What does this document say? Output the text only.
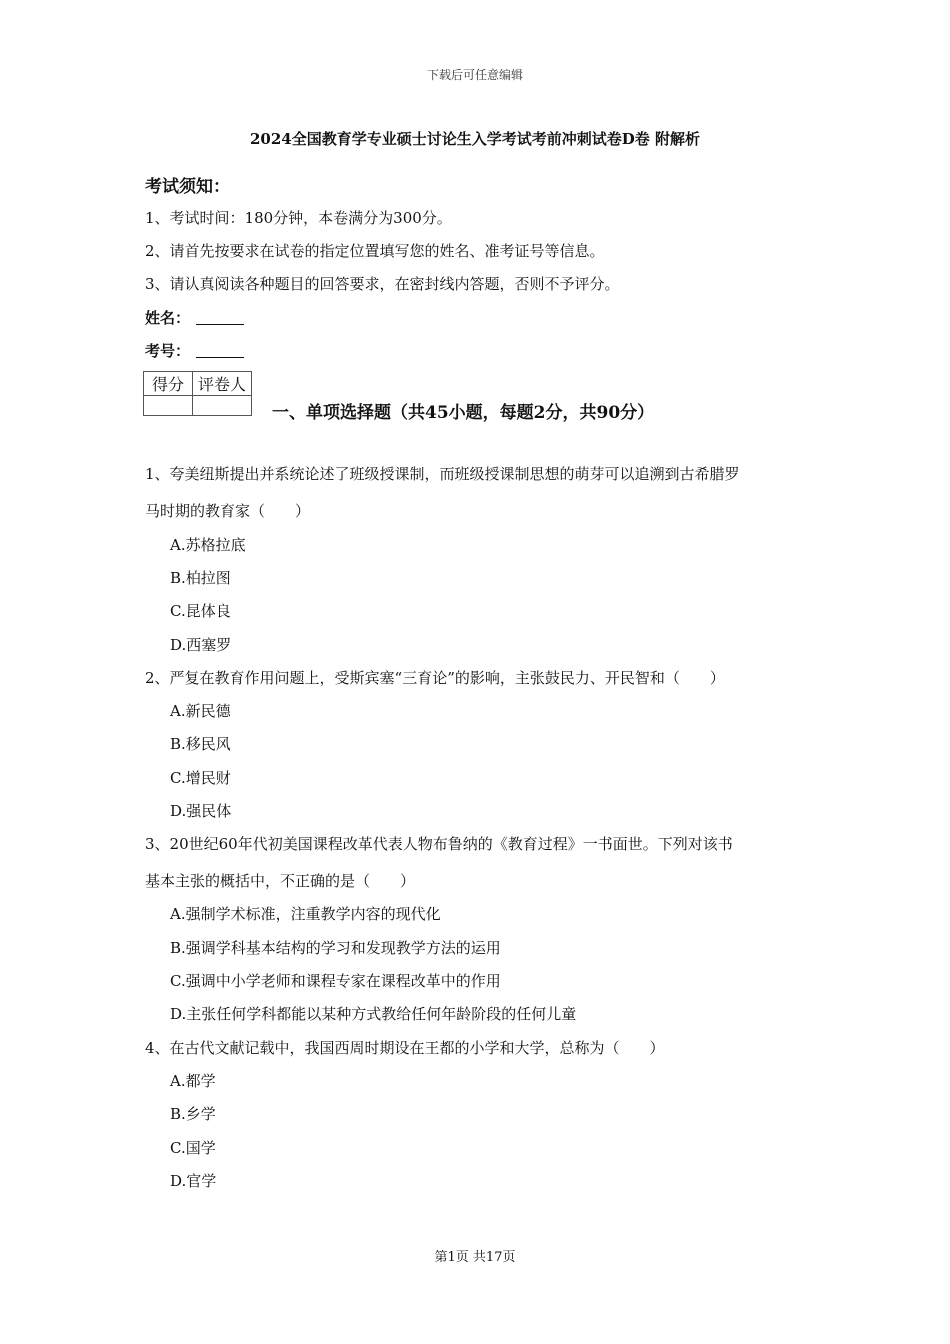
下载后可任意编辑
2024全国教育学专业硕士讨论生入学考试考前冲刺试卷D卷 附解析
考试须知：
1、考试时间：180分钟，本卷满分为300分。
2、请首先按要求在试卷的指定位置填写您的姓名、准考证号等信息。
3、请认真阅读各种题目的回答要求，在密封线内答题，否则不予评分。
姓名：
考号：
得分	评卷人

一、单项选择题（共45小题，每题2分，共90分）
1、夸美纽斯提出并系统论述了班级授课制，而班级授课制思想的萌芽可以追溯到古希腊罗
马时期的教育家（　　）
A.苏格拉底
B.柏拉图
C.昆体良
D.西塞罗
2、严复在教育作用问题上，受斯宾塞“三育论”的影响，主张鼓民力、开民智和（　　）
A.新民德
B.移民风
C.增民财
D.强民体
3、20世纪60年代初美国课程改革代表人物布鲁纳的《教育过程》一书面世。下列对该书
基本主张的概括中，不正确的是（　　）
A.强制学术标准，注重教学内容的现代化
B.强调学科基本结构的学习和发现教学方法的运用
C.强调中小学老师和课程专家在课程改革中的作用
D.主张任何学科都能以某种方式教给任何年龄阶段的任何儿童
4、在古代文献记载中，我国西周时期设在王都的小学和大学，总称为（　　）
A.都学
B.乡学
C.国学
D.官学
第1页 共17页
